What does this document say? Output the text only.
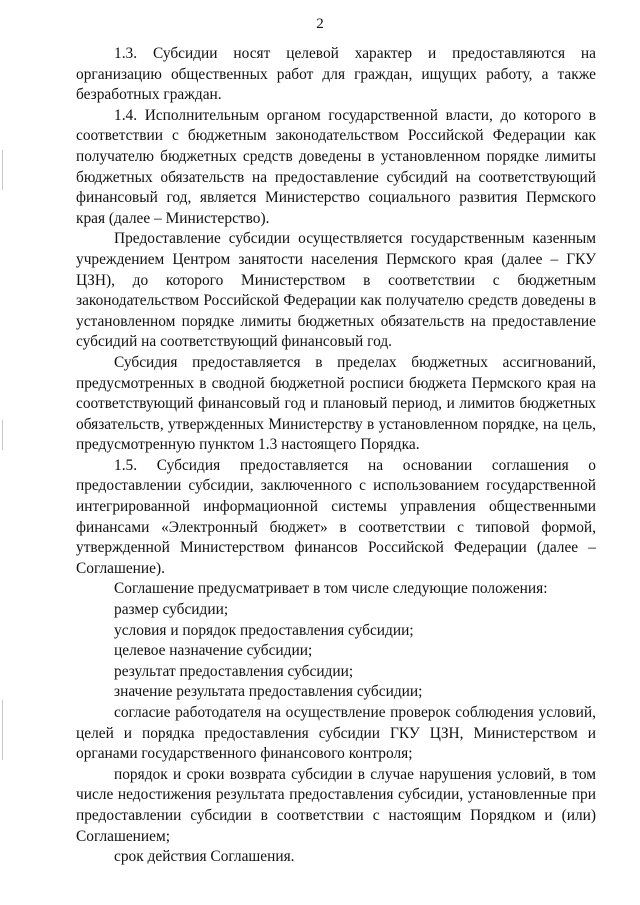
2

1.3. Субсидии носят целевой характер и предоставляются на организацию общественных работ для граждан, ищущих работу, а также безработных граждан.

1.4. Исполнительным органом государственной власти, до которого в соответствии с бюджетным законодательством Российской Федерации как получателю бюджетных средств доведены в установленном порядке лимиты бюджетных обязательств на предоставление субсидий на соответствующий финансовый год, является Министерство социального развития Пермского края (далее – Министерство).

Предоставление субсидии осуществляется государственным казенным учреждением Центром занятости населения Пермского края (далее – ГКУ ЦЗН), до которого Министерством в соответствии с бюджетным законодательством Российской Федерации как получателю средств доведены в установленном порядке лимиты бюджетных обязательств на предоставление субсидий на соответствующий финансовый год.

Субсидия предоставляется в пределах бюджетных ассигнований, предусмотренных в сводной бюджетной росписи бюджета Пермского края на соответствующий финансовый год и плановый период, и лимитов бюджетных обязательств, утвержденных Министерству в установленном порядке, на цель, предусмотренную пунктом 1.3 настоящего Порядка.

1.5. Субсидия предоставляется на основании соглашения о предоставлении субсидии, заключенного с использованием государственной интегрированной информационной системы управления общественными финансами «Электронный бюджет» в соответствии с типовой формой, утвержденной Министерством финансов Российской Федерации (далее – Соглашение).

Соглашение предусматривает в том числе следующие положения:

размер субсидии;

условия и порядок предоставления субсидии;

целевое назначение субсидии;

результат предоставления субсидии;

значение результата предоставления субсидии;

согласие работодателя на осуществление проверок соблюдения условий, целей и порядка предоставления субсидии ГКУ ЦЗН, Министерством и органами государственного финансового контроля;

порядок и сроки возврата субсидии в случае нарушения условий, в том числе недостижения результата предоставления субсидии, установленные при предоставлении субсидии в соответствии с настоящим Порядком и (или) Соглашением;

срок действия Соглашения.
